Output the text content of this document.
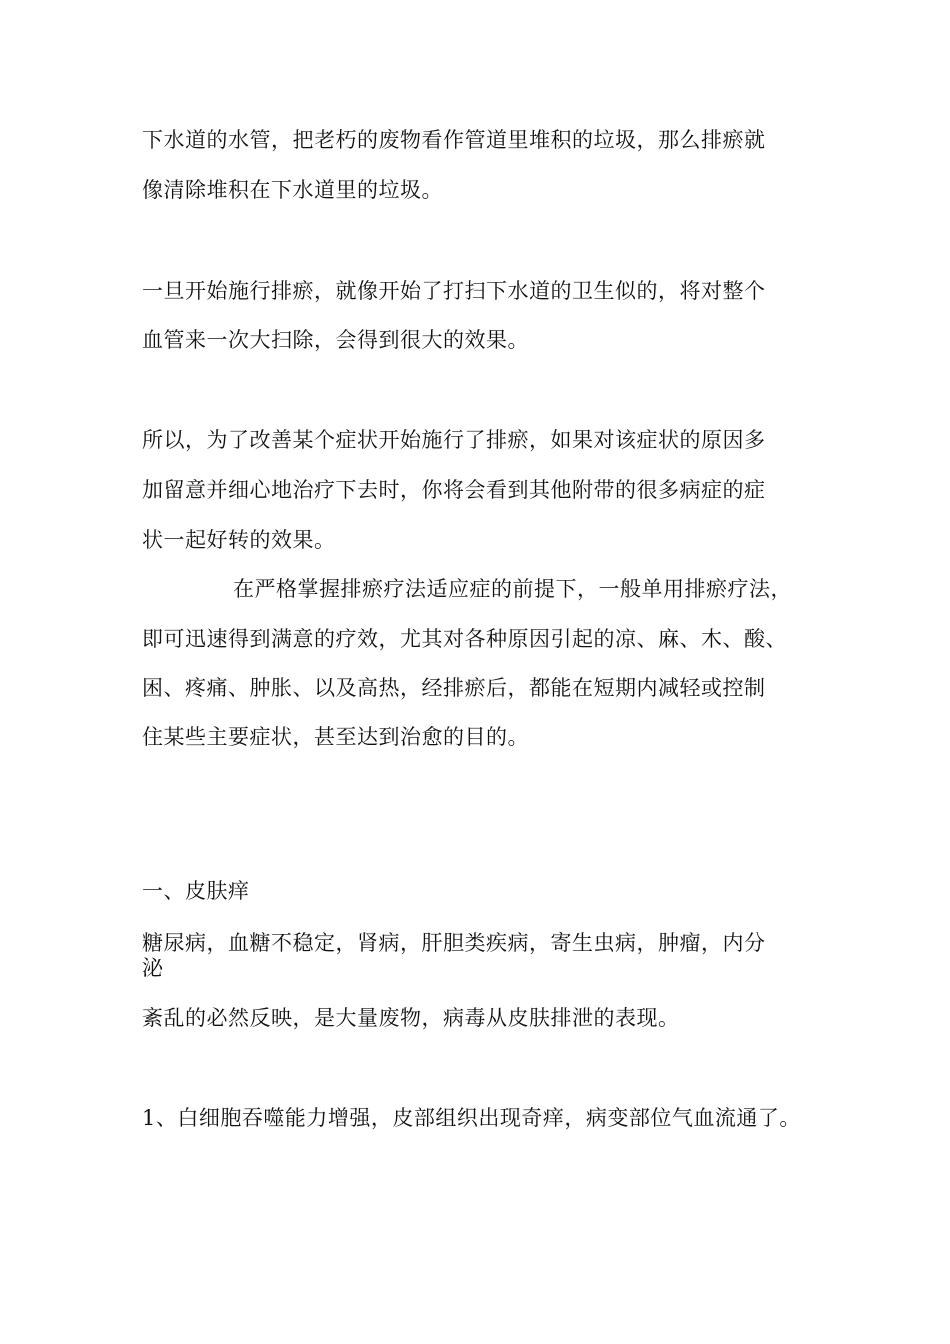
下水道的水管，把老朽的废物看作管道里堆积的垃圾，那么排瘀就
像清除堆积在下水道里的垃圾。
一旦开始施行排瘀，就像开始了打扫下水道的卫生似的，将对整个
血管来一次大扫除，会得到很大的效果。
所以，为了改善某个症状开始施行了排瘀，如果对该症状的原因多
加留意并细心地治疗下去时，你将会看到其他附带的很多病症的症
状一起好转的效果。
在严格掌握排瘀疗法适应症的前提下，一般单用排瘀疗法，
即可迅速得到满意的疗效，尤其对各种原因引起的凉、麻、木、酸、
困、疼痛、肿胀、以及高热，经排瘀后，都能在短期内减轻或控制
住某些主要症状，甚至达到治愈的目的。
一、皮肤痒
糖尿病，血糖不稳定，肾病，肝胆类疾病，寄生虫病，肿瘤，内分
泌
紊乱的必然反映，是大量废物，病毒从皮肤排泄的表现。
1、白细胞吞噬能力增强，皮部组织出现奇痒，病变部位气血流通了。
